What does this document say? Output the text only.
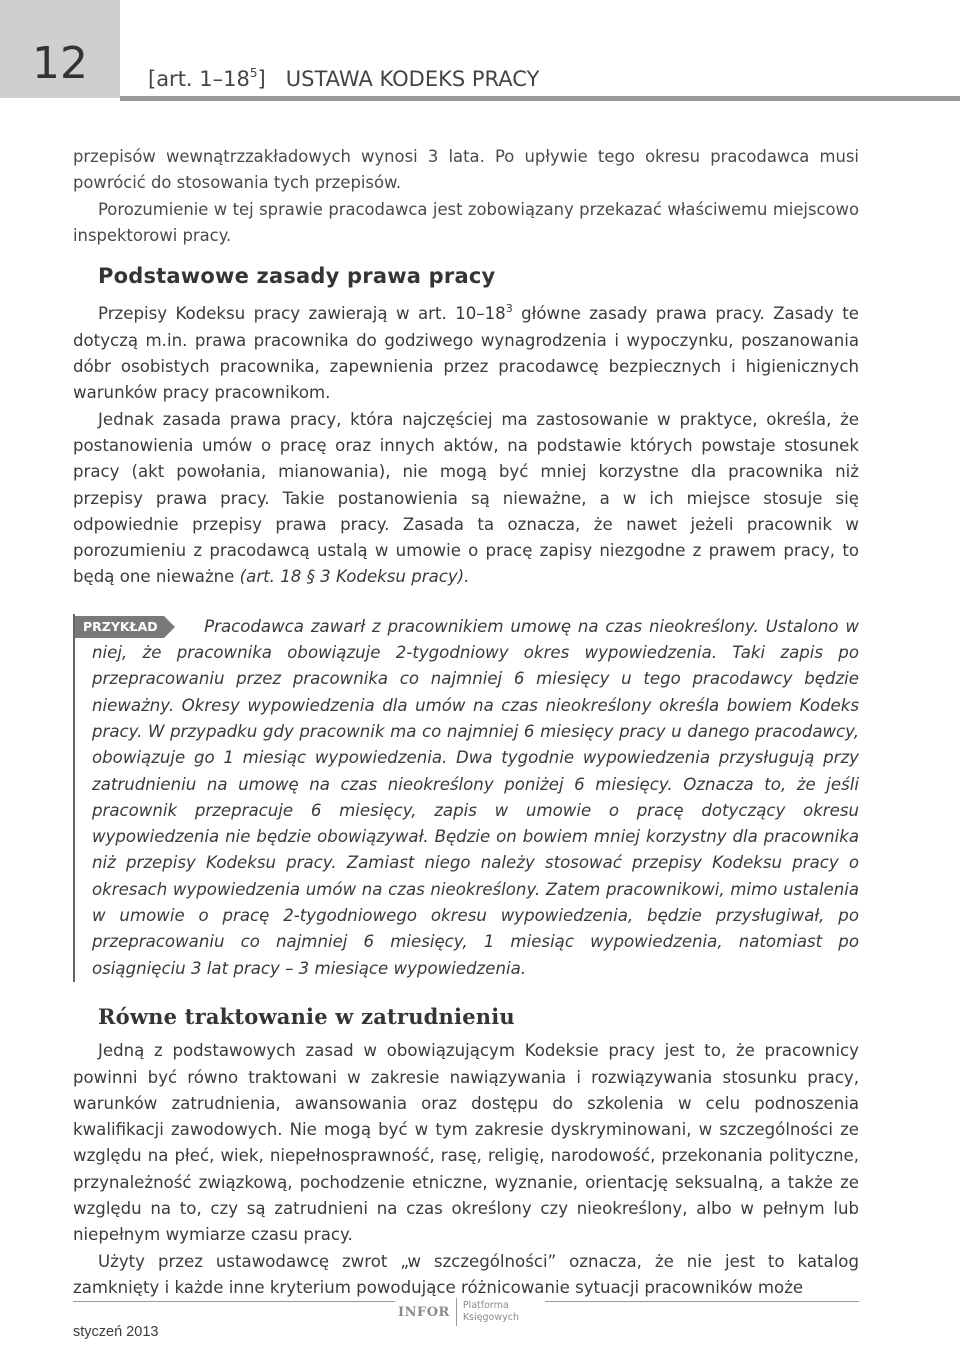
12	[art. $1-18^5$] USTAWA KODEKS PRACY

przepisów wewnątrzzakładowych wynosi 3 lata. Po upływie tego okresu pracodawca musi powrócić do stosowania tych przepisów.

Porozumienie w tej sprawie pracodawca jest zobowiązany przekazać właściwemu miejscowo inspektorowi pracy.

Podstawowe zasady prawa pracy

Przepisy Kodeksu pracy zawierają w art. $10-18^3$ główne zasady prawa pracy. Zasady te dotyczą m.in. prawa pracownika do godziwego wynagrodzenia i wypoczynku, poszanowania dóbr osobistych pracownika, zapewnienia przez pracodawcę bezpiecznych i higienicznych warunków pracy pracownikom.

Jednak zasada prawa pracy, która najczęściej ma zastosowanie w praktyce, określa, że postanowienia umów o pracę oraz innych aktów, na podstawie których powstaje stosunek pracy (akt powołania, mianowania), nie mogą być mniej korzystne dla pracownika niż przepisy prawa pracy. Takie postanowienia są nieważne, a w ich miejsce stosuje się odpowiednie przepisy prawa pracy. Zasada ta oznacza, że nawet jeżeli pracownik w porozumieniu z pracodawcą ustalą w umowie o pracę zapisy niezgodne z prawem pracy, to będą one nieważne (art. 18 § 3 Kodeksu pracy).

PRZYKŁAD	Pracodawca zawarł z pracownikiem umowę na czas nieokreślony. Ustalono w niej, że pracownika obowiązuje 2-tygodniowy okres wypowiedzenia. Taki zapis po przepracowaniu przez pracownika co najmniej 6 miesięcy u tego pracodawcy będzie nieważny. Okresy wypowiedzenia dla umów na czas nieokreślony określa bowiem Kodeks pracy. W przypadku gdy pracownik ma co najmniej 6 miesięcy pracy u danego pracodawcy, obowiązuje go 1 miesiąc wypowiedzenia. Dwa tygodnie wypowiedzenia przysługują przy zatrudnieniu na umowę na czas nieokreślony poniżej 6 miesięcy. Oznacza to, że jeśli pracownik przepracuje 6 miesięcy, zapis w umowie o pracę dotyczący okresu wypowiedzenia nie będzie obowiązywał. Będzie on bowiem mniej korzystny dla pracownika niż przepisy Kodeksu pracy. Zamiast niego należy stosować przepisy Kodeksu pracy o okresach wypowiedzenia umów na czas nieokreślony. Zatem pracownikowi, mimo ustalenia w umowie o pracę 2-tygodniowego okresu wypowiedzenia, będzie przysługiwał, po przepracowaniu co najmniej 6 miesięcy, 1 miesiąc wypowiedzenia, natomiast po osiągnięciu 3 lat pracy – 3 miesiące wypowiedzenia.
Równe traktowanie w zatrudnieniu

Jedną z podstawowych zasad w obowiązującym Kodeksie pracy jest to, że pracownicy powinni być równo traktowani w zakresie nawiązywania i rozwiązywania stosunku pracy, warunków zatrudnienia, awansowania oraz dostępu do szkolenia w celu podnoszenia kwalifikacji zawodowych. Nie mogą być w tym zakresie dyskryminowani, w szczególności ze względu na płeć, wiek, niepełnosprawność, rasę, religię, narodowość, przekonania polityczne, przynależność związkową, pochodzenie etniczne, wyznanie, orientację seksualną, a także ze względu na to, czy są zatrudnieni na czas określony czy nieokreślony, albo w pełnym lub niepełnym wymiarze czasu pracy.

Użyty przez ustawodawcę zwrot „w szczególności” oznacza, że nie jest to katalog zamknięty i każde inne kryterium powodujące różnicowanie sytuacji pracowników może

INFOR Platforma
Księgowych
styczeń 2013
